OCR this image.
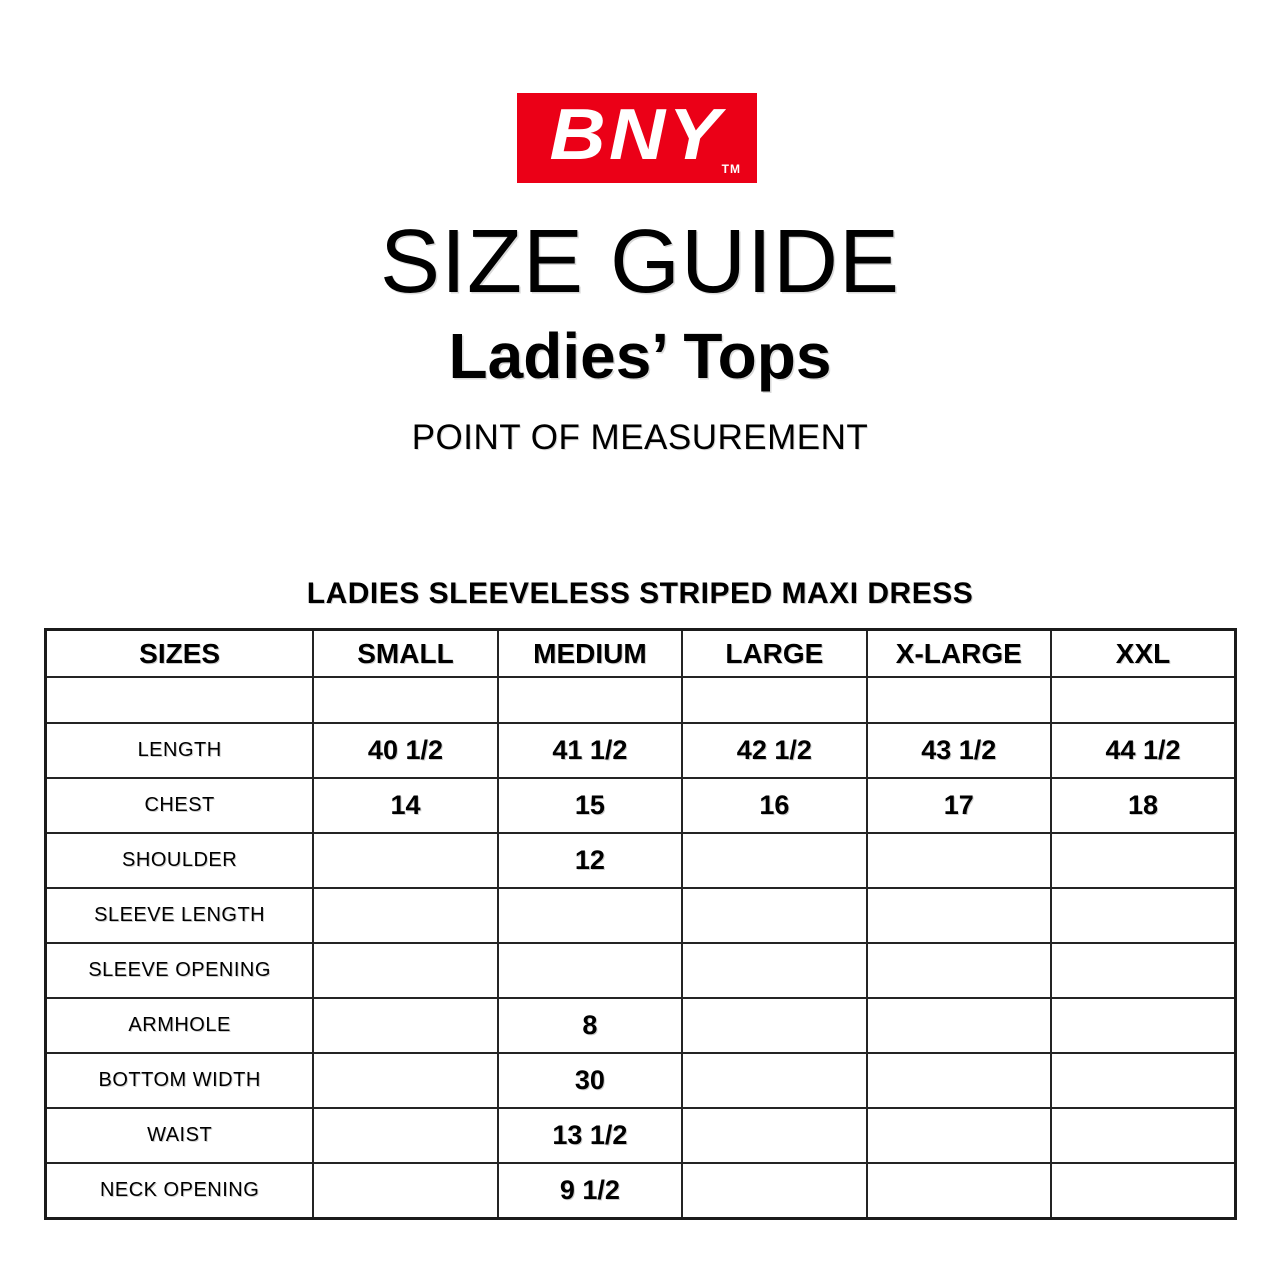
BNY
TM
SIZE GUIDE
Ladies’ Tops
POINT OF MEASUREMENT
LADIES SLEEVELESS STRIPED MAXI DRESS
SIZES	SMALL	MEDIUM	LARGE	X-LARGE	XXL

LENGTH	40 1/2	41 1/2	42 1/2	43 1/2	44 1/2
CHEST	14	15	16	17	18
SHOULDER		12			
SLEEVE LENGTH					
SLEEVE OPENING					
ARMHOLE		8			
BOTTOM WIDTH		30			
WAIST		13 1/2			
NECK OPENING		9 1/2			
